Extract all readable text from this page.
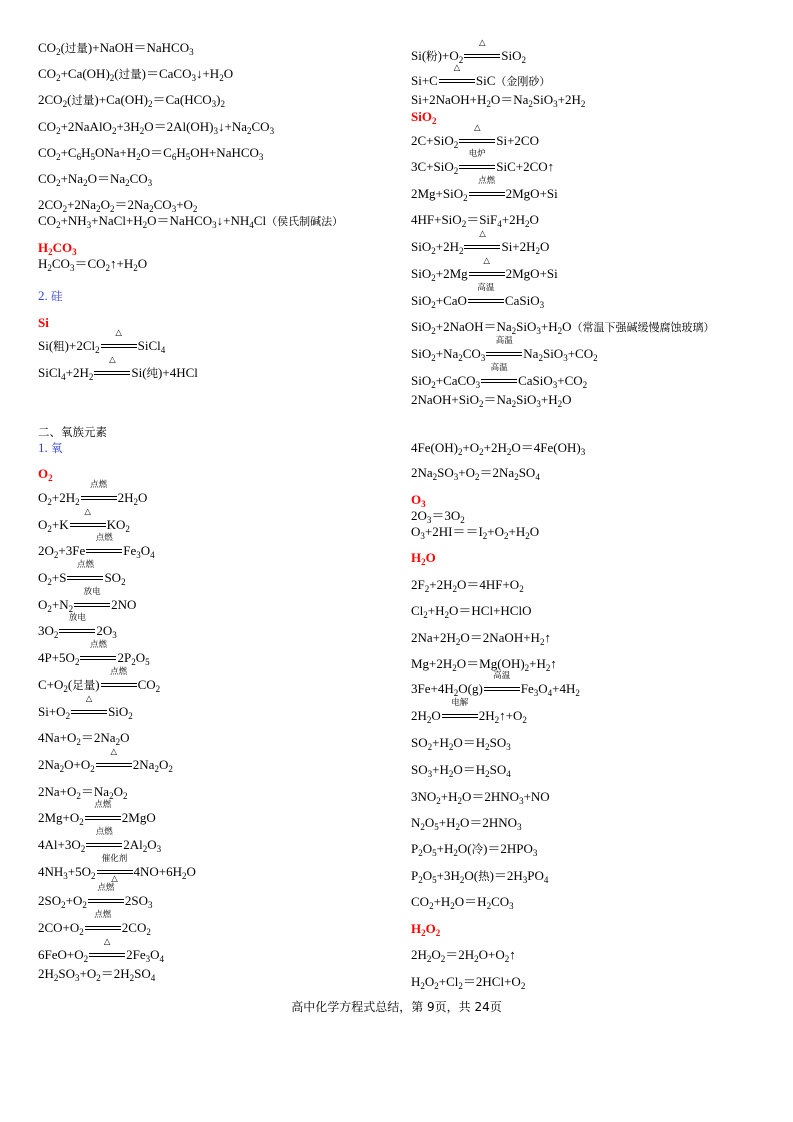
$CO_2$(过量)+NaOH＝NaHCO$_3$
$CO_2+Ca(OH)_2$(过量)$=CaCO_3↓+H_2O$
$2CO_2$(过量)$+Ca(OH)_2=Ca(HCO_3)_2$
$CO_2+2NaAlO_2+3H_2O=2Al(OH)_3↓+Na_2CO_3$
$CO_2+C_6H_5ONa+H_2O=C_6H_5OH+NaHCO_3$
$CO_2+Na_2O=Na_2CO_3$
$2CO_2+2Na_2O_2=2Na_2CO_3+O_2$
$CO_2+NH_3+NaCl+H_2O=NaHCO_3↓+NH_4Cl$（侯氏制碱法）
$H_2CO_3$
$H_2CO_3=CO_2↑+H_2O$
2. 硅
Si
Si(粗)$+2Cl_2$
△
SiCl$_4$
$SiCl_4+2H_2$
△
Si(纯)+4HCl
二、氧族元素
1. 氧
$O_2$
$O_2+2H_2$
点燃
$2H_2O$
$O_2+K$
△
$KO_2$
$2O_2+3Fe$
点燃
$Fe_3O_4$
$O_2+S$
点燃
$SO_2$
$O_2+N_2$
放电
2NO
$3O_2$
放电
$2O_3$
$4P+5O_2$
点燃
$2P_2O_5$
$C+O_2$(足量)
点燃
$CO_2$
$Si+O_2$
△
SiO$_2$
$4Na+O_2=2Na_2O$
$2Na_2O+O_2$
△
$2Na_2O_2$
$2Na+O_2=Na_2O_2$
$2Mg+O_2$
点燃
2MgO
$4Al+3O_2$
点燃
$2Al_2O_3$
$4NH_3+5O_2$
催化剂
△	$4NO+6H_2O$
$2SO_2+O_2$
点燃
$2SO_3$
$2CO+O_2$
点燃
$2CO_2$
$6FeO+O_2$
△
$2Fe_3O_4$
$2H_2SO_3+O_2=2H_2SO_4$
Si(粉)$+O_2$
△
SiO$_2$
Si+C
△
SiC（金刚砂）
$Si+2NaOH+H_2O=Na_2SiO_3+2H_2$
SiO$_2$
2C+SiO$_2$
△
Si+2CO
3C+SiO$_2$
电炉
SiC+2CO↑
2Mg+SiO$_2$
点燃
2MgO+Si
$4HF+SiO_2=SiF_4+2H_2O$
$SiO_2+2H_2$
△
$Si+2H_2O$
SiO$_2$+2Mg
△
2MgO+Si
SiO$_2$+CaO
高温
CaSiO$_3$
$SiO_2+2NaOH=Na_2SiO_3+H_2O$（常温下强碱缓慢腐蚀玻璃）
$SiO_2+Na_2CO_3$
高温
$Na_2SiO_3+CO_2$
SiO$_2$+CaCO$_3$
高温
$CaSiO_3+CO_2$
$2NaOH+SiO_2=Na_2SiO_3+H_2O$
$4Fe(OH)_2+O_2+2H_2O=4Fe(OH)_3$
$2Na_2SO_3+O_2=2Na_2SO_4$
$O_3$
$2O_3=3O_2$
$O_3+2HI==I_2+O_2+H_2O$
$H_2O$
$2F_2+2H_2O=4HF+O_2$
$Cl_2+H_2O=HCl+HClO$
$2Na+2H_2O=2NaOH+H_2↑$
$Mg+2H_2O=Mg(OH)_2+H_2↑$
$3Fe+4H_2O(g)$
高温
$Fe_3O_4+4H_2$
$2H_2O$
电解
$2H_2↑+O_2$
$SO_2+H_2O=H_2SO_3$
$SO_3+H_2O=H_2SO_4$
$3NO_2+H_2O=2HNO_3+NO$
$N_2O_5+H_2O=2HNO_3$
$P_2O_5+H_2O$(冷)$=2HPO_3$
$P_2O_5+3H_2O$(热)$=2H_3PO_4$
$CO_2+H_2O=H_2CO_3$
$H_2O_2$
$2H_2O_2=2H_2O+O_2↑$
$H_2O_2+Cl_2=2HCl+O_2$
高中化学方程式总结，第 9页，共 24页
